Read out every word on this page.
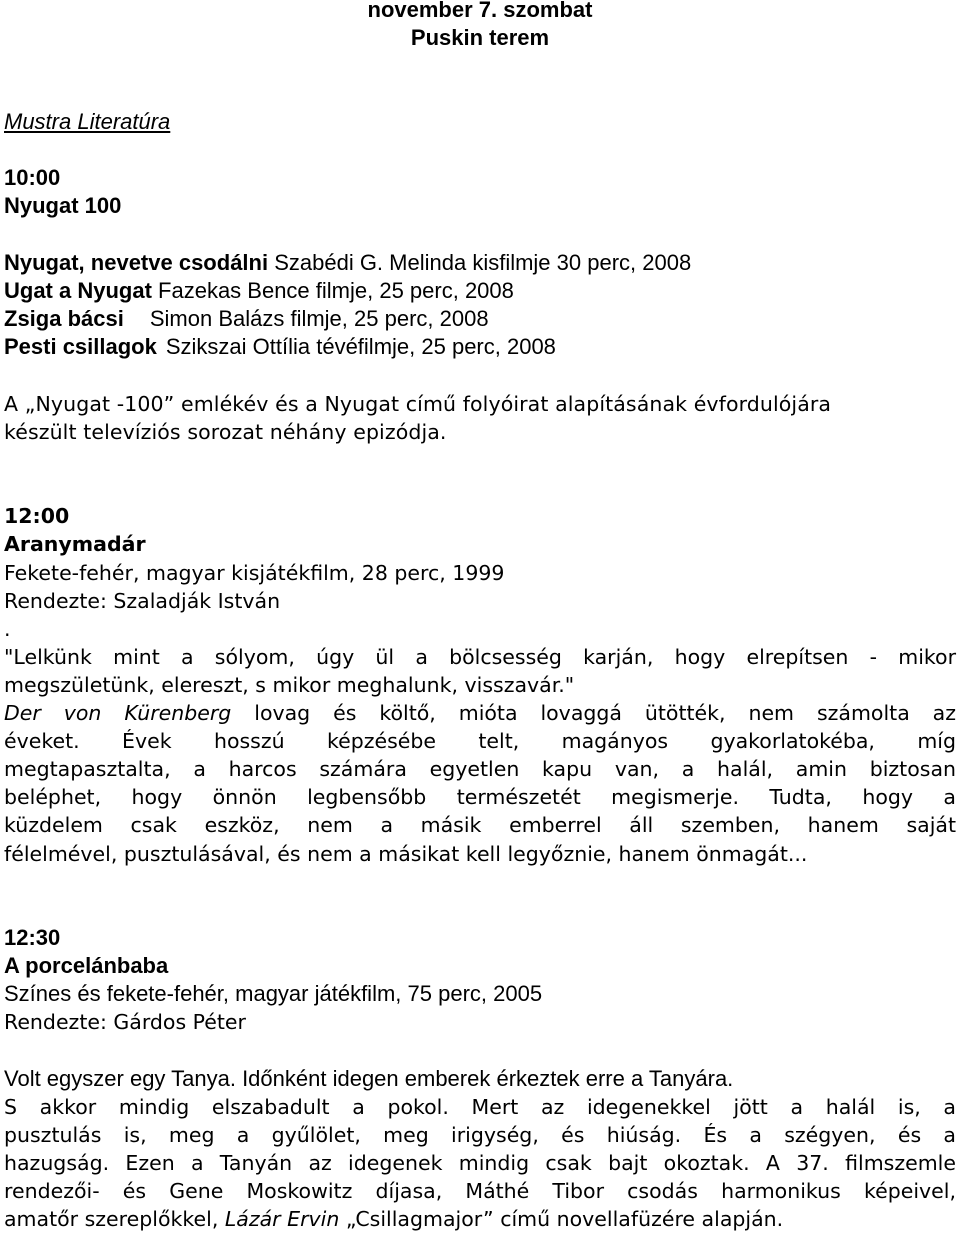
november 7. szombat

Puskin terem

Mustra Literatúra

10:00

Nyugat 100

Nyugat, nevetve csodálni Szabédi G. Melinda kisfilmje 30 perc, 2008

Ugat a Nyugat Fazekas Bence filmje, 25 perc, 2008

Zsiga bácsi Simon Balázs filmje, 25 perc, 2008

Pesti csillagok Szikszai Ottília tévéfilmje, 25 perc, 2008

A „Nyugat -100” emlékév és a Nyugat című folyóirat alapításának évfordulójára

készült televíziós sorozat néhány epizódja.

12:00

Aranymadár

Fekete-fehér, magyar kisjátékfilm, 28 perc, 1999

Rendezte: Szaladják István

.

"Lelkünk mint a sólyom, úgy ül a bölcsesség karján, hogy elrepítsen - mikor

megszületünk, elereszt, s mikor meghalunk, visszavár."

Der von Kürenberg lovag és költő, mióta lovaggá ütötték, nem számolta az

éveket. Évek hosszú képzésébe telt, magányos gyakorlatokéba, míg

megtapasztalta, a harcos számára egyetlen kapu van, a halál, amin biztosan

beléphet, hogy önnön legbensőbb természetét megismerje. Tudta, hogy a

küzdelem csak eszköz, nem a másik emberrel áll szemben, hanem saját

félelmével, pusztulásával, és nem a másikat kell legyőznie, hanem önmagát...

12:30

A porcelánbaba

Színes és fekete-fehér, magyar játékfilm, 75 perc, 2005

Rendezte: Gárdos Péter

Volt egyszer egy Tanya. Időnként idegen emberek érkeztek erre a Tanyára.

S akkor mindig elszabadult a pokol. Mert az idegenekkel jött a halál is, a

pusztulás is, meg a gyűlölet, meg irigység, és hiúság. És a szégyen, és a

hazugság. Ezen a Tanyán az idegenek mindig csak bajt okoztak. A 37. filmszemle

rendezői- és Gene Moskowitz díjasa, Máthé Tibor csodás harmonikus képeivel,

amatőr szereplőkkel, Lázár Ervin „Csillagmajor” című novellafüzére alapján.
